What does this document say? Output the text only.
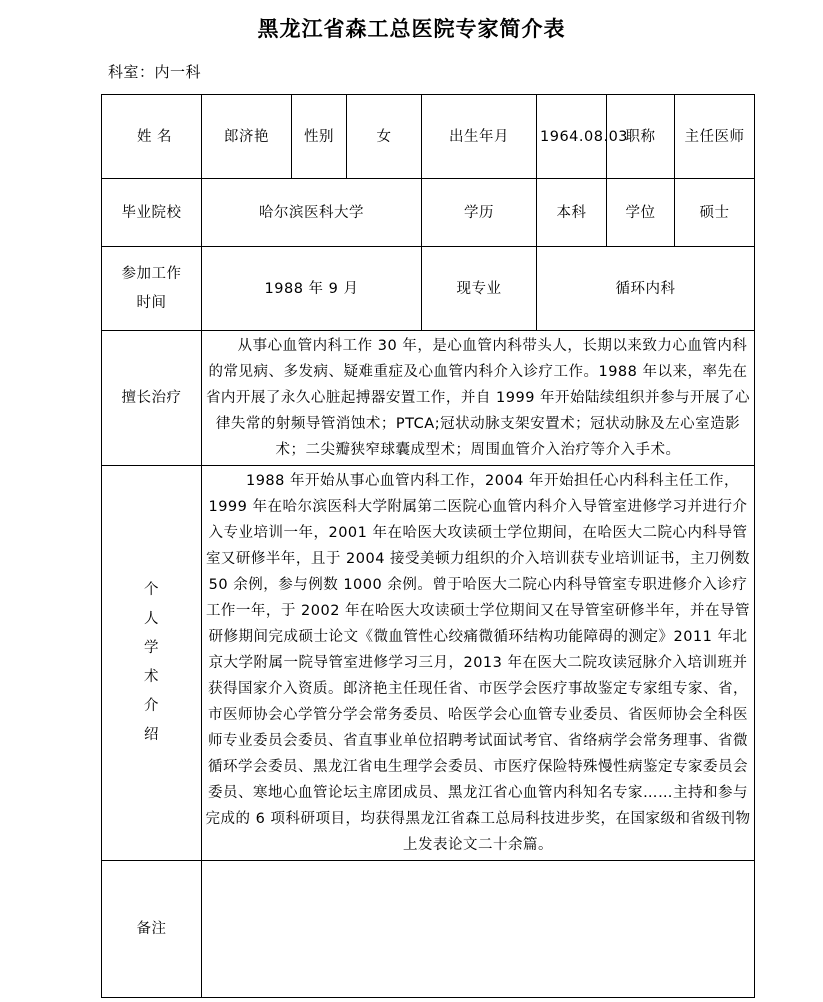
黑龙江省森工总医院专家简介表
科室：内一科
姓 名	郎济艳	性别	女	出生年月	1964.08.03	职称	主任医师
毕业院校	哈尔滨医科大学			学历	本科	学位	硕士

参加工作
时间	1988 年 9 月			现专业	循环内科		
擅长治疗	从事心血管内科工作 30 年，是心血管内科带头人，长期以来致力心血管内科的常见病、多发病、疑难重症及心血管内科介入诊疗工作。1988 年以来，率先在省内开展了永久心脏起搏器安置工作，并自 1999 年开始陆续组织并参与开展了心律失常的射频导管消蚀术；PTCA;冠状动脉支架安置术；冠状动脉及左心室造影术；二尖瓣狭窄球囊成型术；周围血管介入治疗等介入手术。						

个
人
学
术
介
绍

1988 年开始从事心血管内科工作，2004 年开始担任心内科科主任工作，1999 年在哈尔滨医科大学附属第二医院心血管内科介入导管室进修学习并进行介入专业培训一年，2001 年在哈医大攻读硕士学位期间，在哈医大二院心内科导管室又研修半年，且于 2004 接受美顿力组织的介入培训获专业培训证书，主刀例数 50 余例，参与例数 1000 余例。曾于哈医大二院心内科导管室专职进修介入诊疗工作一年，于 2002 年在哈医大攻读硕士学位期间又在导管室研修半年，并在导管研修期间完成硕士论文《微血管性心绞痛微循环结构功能障碍的测定》2011 年北京大学附属一院导管室进修学习三月，2013 年在医大二院攻读冠脉介入培训班并获得国家介入资质。郎济艳主任现任省、市医学会医疗事故鉴定专家组专家、省，市医师协会心学管分学会常务委员、哈医学会心血管专业委员、省医师协会全科医师专业委员会委员、省直事业单位招聘考试面试考官、省络病学会常务理事、省微循环学会委员、黑龙江省电生理学会委员、市医疗保险特殊慢性病鉴定专家委员会委员、寒地心血管论坛主席团成员、黑龙江省心血管内科知名专家……主持和参与完成的 6 项科研项目，均获得黑龙江省森工总局科技进步奖，在国家级和省级刊物上发表论文二十余篇。

备注							
